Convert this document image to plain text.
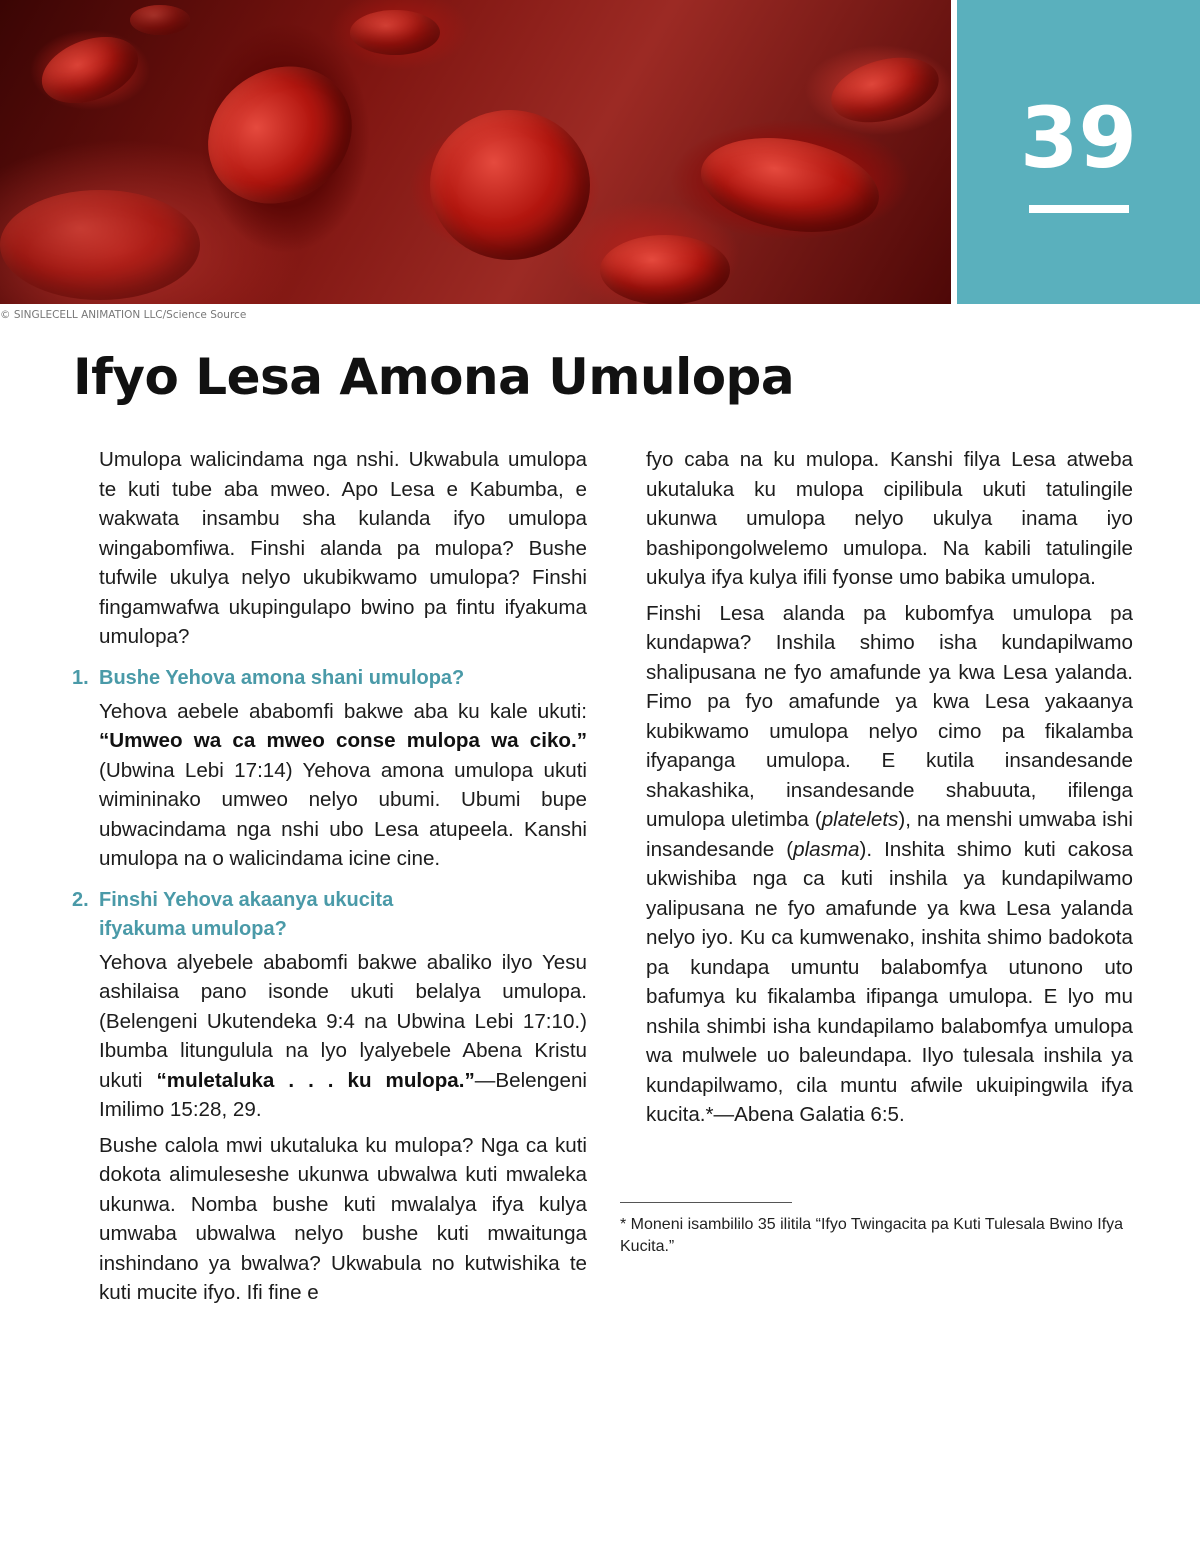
39
© SINGLECELL ANIMATION LLC/Science Source
Ifyo Lesa Amona Umulopa

Umulopa walicindama nga nshi. Ukwabula umulopa te kuti tube aba mweo. Apo Lesa e Kabumba, e wakwata insambu sha kulanda ifyo umulopa wingabomfiwa. Finshi alanda pa mulopa? Bushe tufwile ukulya nelyo ukubikwamo umulopa? Finshi fingamwafwa ukupingulapo bwino pa fintu ifyakuma umulopa?

1. Bushe Yehova amona shani umulopa?

Yehova aebele ababomfi bakwe aba ku kale ukuti: “Umweo wa ca mweo conse mulopa wa ciko.” (Ubwina Lebi 17:14) Yehova amona umulopa ukuti wimininako umweo nelyo ubumi. Ubumi bupe ubwacindama nga nshi ubo Lesa atupeela. Kanshi umulopa na o walicindama icine cine.

2. Finshi Yehova akaanya ukucita
ifyakuma umulopa?

Yehova alyebele ababomfi bakwe abaliko ilyo Yesu ashilaisa pano isonde ukuti belalya umulopa. (Belengeni Ukutendeka 9:4 na Ubwina Lebi 17:10.) Ibumba litungulula na lyo lyalyebele Abena Kristu ukuti “muletaluka . . . ku mulopa.”—Belengeni Imilimo 15:28, 29.

Bushe calola mwi ukutaluka ku mulopa? Nga ca kuti dokota alimuleseshe ukunwa ubwalwa kuti mwaleka ukunwa. Nomba bushe kuti mwalalya ifya kulya umwaba ubwalwa nelyo bushe kuti mwaitunga inshindano ya bwalwa? Ukwabula no kutwishika te kuti mucite ifyo. Ifi fine e

fyo caba na ku mulopa. Kanshi filya Lesa atweba ukutaluka ku mulopa cipilibula ukuti tatulingile ukunwa umulopa nelyo ukulya inama iyo bashipongolwelemo umulopa. Na kabili tatulingile ukulya ifya kulya ifili fyonse umo babika umulopa.

Finshi Lesa alanda pa kubomfya umulopa pa kundapwa? Inshila shimo isha kundapilwamo shalipusana ne fyo amafunde ya kwa Lesa yalanda. Fimo pa fyo amafunde ya kwa Lesa yakaanya kubikwamo umulopa nelyo cimo pa fikalamba ifyapanga umulopa. E kutila insandesande shakashika, insandesande shabuuta, ifilenga umulopa uletimba (platelets), na menshi umwaba ishi insandesande (plasma). Inshita shimo kuti cakosa ukwishiba nga ca kuti inshila ya kundapilwamo yalipusana ne fyo amafunde ya kwa Lesa yalanda nelyo iyo. Ku ca kumwenako, inshita shimo badokota pa kundapa umuntu balabomfya utunono uto bafumya ku fikalamba ifipanga umulopa. E lyo mu nshila shimbi isha kundapilamo balabomfya umulopa wa mulwele uo baleundapa. Ilyo tulesala inshila ya kundapilwamo, cila muntu afwile ukuipingwila ifya kucita.*—Abena Galatia 6:5.

* Moneni isambililo 35 ilitila “Ifyo Twingacita pa Kuti Tulesala Bwino Ifya Kucita.”
